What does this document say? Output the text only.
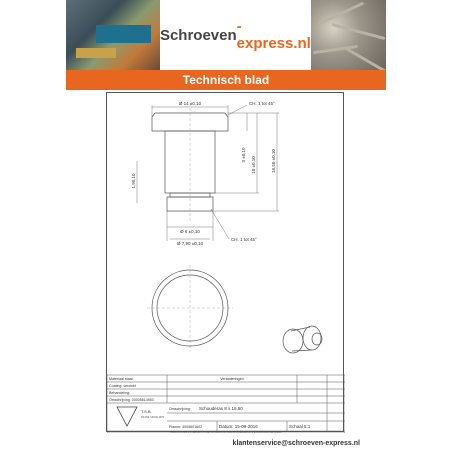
Schroeven -express.nl
Technisch blad
Ø 14 ±0,10	CH. 1 tot 45°
3 ±0,10
10 ±0,10	16,50 ±0,10
1,90,10
Ø 6 ±0,10
Ø 7,90 ±0,10
CH. 1 tot 45°
T.S.B.
TRADE SINCE 1975
Materiaal staal:
Coating: verzinkt
Behandeling:
Omschrijving: 00005614953
Veranderingen
Omschrijving: Schouderas 8 x 16,50
Planne: 4005601602	Datum: 15-09-2016	Schaal 5:1
Dit plan is en blijft ons eigendom en mag niet zonder onze toestemming gekopieerd of getoond worden aan derden.
klantenservice@schroeven-express.nl
